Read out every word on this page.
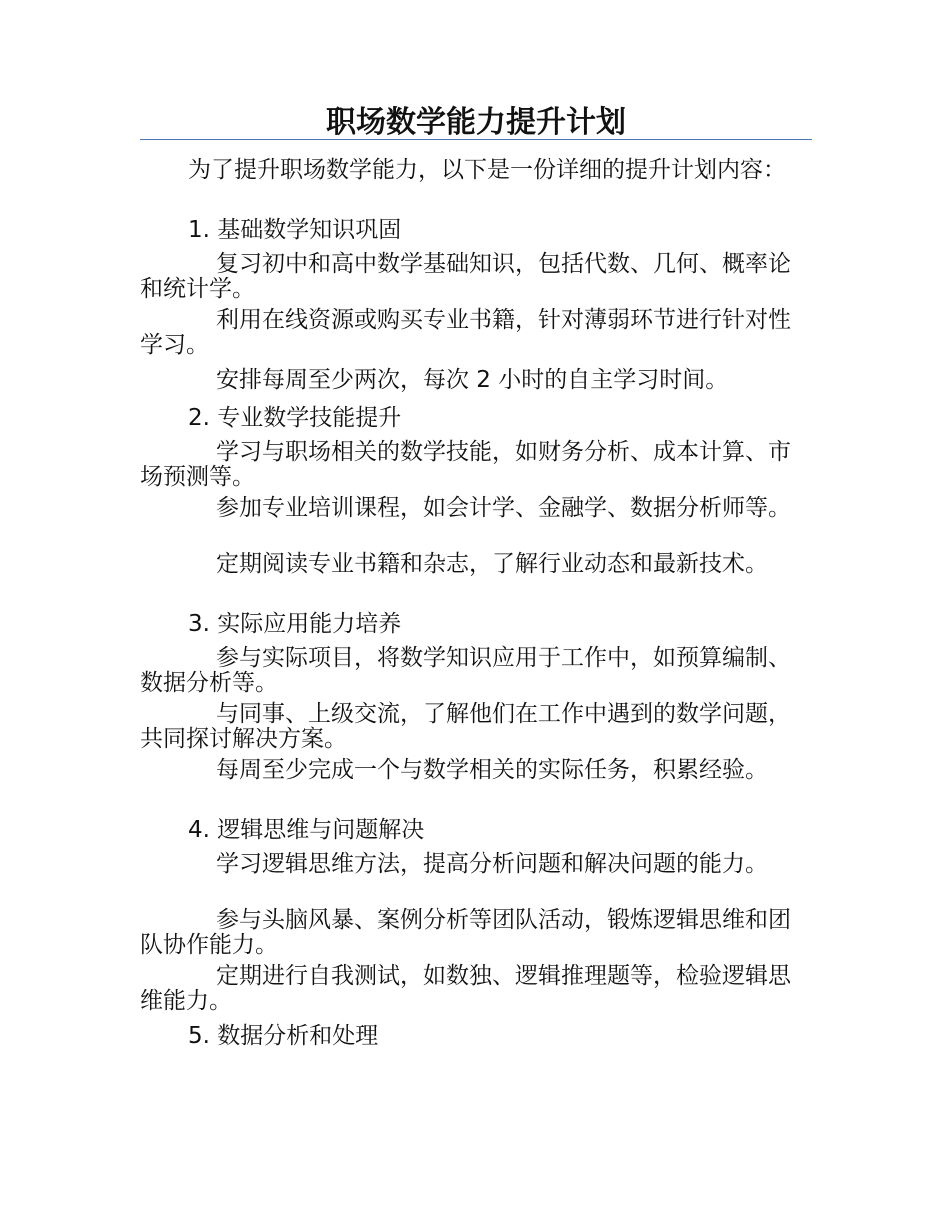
职场数学能力提升计划

为了提升职场数学能力，以下是一份详细的提升计划内容：

1. 基础数学知识巩固

复习初中和高中数学基础知识，包括代数、几何、概率论和统计学。

利用在线资源或购买专业书籍，针对薄弱环节进行针对性学习。

安排每周至少两次，每次 2 小时的自主学习时间。

2. 专业数学技能提升

学习与职场相关的数学技能，如财务分析、成本计算、市场预测等。

参加专业培训课程，如会计学、金融学、数据分析师等。

定期阅读专业书籍和杂志，了解行业动态和最新技术。

3. 实际应用能力培养

参与实际项目，将数学知识应用于工作中，如预算编制、数据分析等。

与同事、上级交流，了解他们在工作中遇到的数学问题，共同探讨解决方案。

每周至少完成一个与数学相关的实际任务，积累经验。

4. 逻辑思维与问题解决

学习逻辑思维方法，提高分析问题和解决问题的能力。

参与头脑风暴、案例分析等团队活动，锻炼逻辑思维和团队协作能力。

定期进行自我测试，如数独、逻辑推理题等，检验逻辑思维能力。

5. 数据分析和处理
